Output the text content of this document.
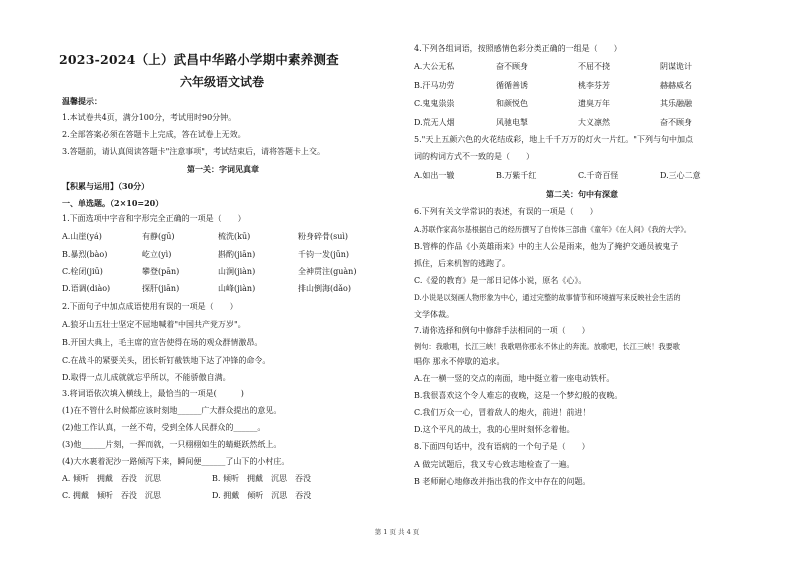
2023-2024（上）武昌中华路小学期中素养测查
六年级语文试卷
温馨提示：
1.本试卷共4页，满分100分，考试用时90分钟。
2.全部答案必须在答题卡上完成，答在试卷上无效。
3.答题前，请认真阅读答题卡"注意事项"，考试结束后，请将答题卡上交。
第一关：字词见真章
【积累与运用】（30分）
一、单选题。（2×10=20）
1.下面选项中字音和字形完全正确的一项是（　　）
A.山崖(yá)	有静(gū)	梳洗(kū)	粉身碎骨(suì)
B.暴烈(bào)	屹立(yì)	斟酌(jiān)	千钧一发(jūn)
C.栓闭(jiū)	攀登(pān)	山涧(jiàn)	全神贯注(guàn)
D.语调(diào)	探肝(jiān)	山峰(jiàn)	排山倒海(dǎo)
2.下面句子中加点成语使用有误的一项是（　　）
A.狼牙山五壮士坚定不屈地喊着"中国共产党万岁"。
B.开国大典上，毛主席的宣告使得在场的观众群情激昂。
C.在战斗的紧要关头，团长斩钉截铁地下达了冲锋的命令。
D.取得一点儿成就就忘乎所以，不能骄傲自满。
3.将词语依次填入横线上，最恰当的一项是(　　　)
(1)在不管什么时候都应该时刻地______广大群众提出的意见。
(2)他工作认真，一丝不苟，受到全体人民群众的______。
(3)他______片刻，一挥而就，一只栩栩如生的蜻蜓跃然纸上。
(4)大水裹着泥沙一路倾泻下来，瞬间便______了山下的小村庄。
A. 倾听　拥戴　吞没　沉思	B. 倾听　拥戴　沉思　吞没
C. 拥戴　倾听　吞没　沉思	D. 拥戴　倾听　沉思　吞没
4.下列各组词语，按照感情色彩分类正确的一组是（　　）
A.大公无私	奋不顾身	不屈不挠	阴谋诡计
B.汗马功劳	循循善诱	桃李芬芳	赫赫威名
C.鬼鬼祟祟	和颜悦色	遗臭万年	其乐融融
D.荒无人烟	风驰电掣	大义凛然	奋不顾身
5."天上五颜六色的火花结成彩，地上千千万万的灯火一片红。"下列与句中加点
词的构词方式不一致的是（　　）
A.如出一辙	B.万紫千红	C.千奇百怪	D.三心二意
第二关：句中有深意
6.下列有关文学常识的表述，有误的一项是（　　）
A.苏联作家高尔基根据自己的经历撰写了自传体三部曲《童年》《在人间》《我的大学》。
B.管桦的作品《小英雄雨来》中的主人公是雨来，他为了掩护交通员被鬼子
抓住，后来机智的逃跑了。
C.《爱的教育》是一部日记体小说，原名《心》。
D.小说是以刻画人物形象为中心，通过完整的故事情节和环境描写来反映社会生活的
文学体裁。
7.请你选择和例句中修辞手法相同的一项（　　）
例句：我歌唱，长江三峡！我歌唱你那永不休止的奔流。放歌吧，长江三峡！我要歌
唱你 那永不停歇的追求。
A.在一横一竖的交点的南面，地中挺立着一座电动铁杆。
B.我很喜欢这个令人难忘的夜晚，这是一个梦幻般的夜晚。
C.我们万众一心，冒着敌人的炮火，前进！前进！
D.这个平凡的战士，我的心里时刻怀念着他。
8.下面四句话中，没有语病的一个句子是（　　）
A 做完试题后，我又专心致志地检查了一遍。
B 老师耐心地修改并指出我的作文中存在的问题。
第 1 页 共 4 页
